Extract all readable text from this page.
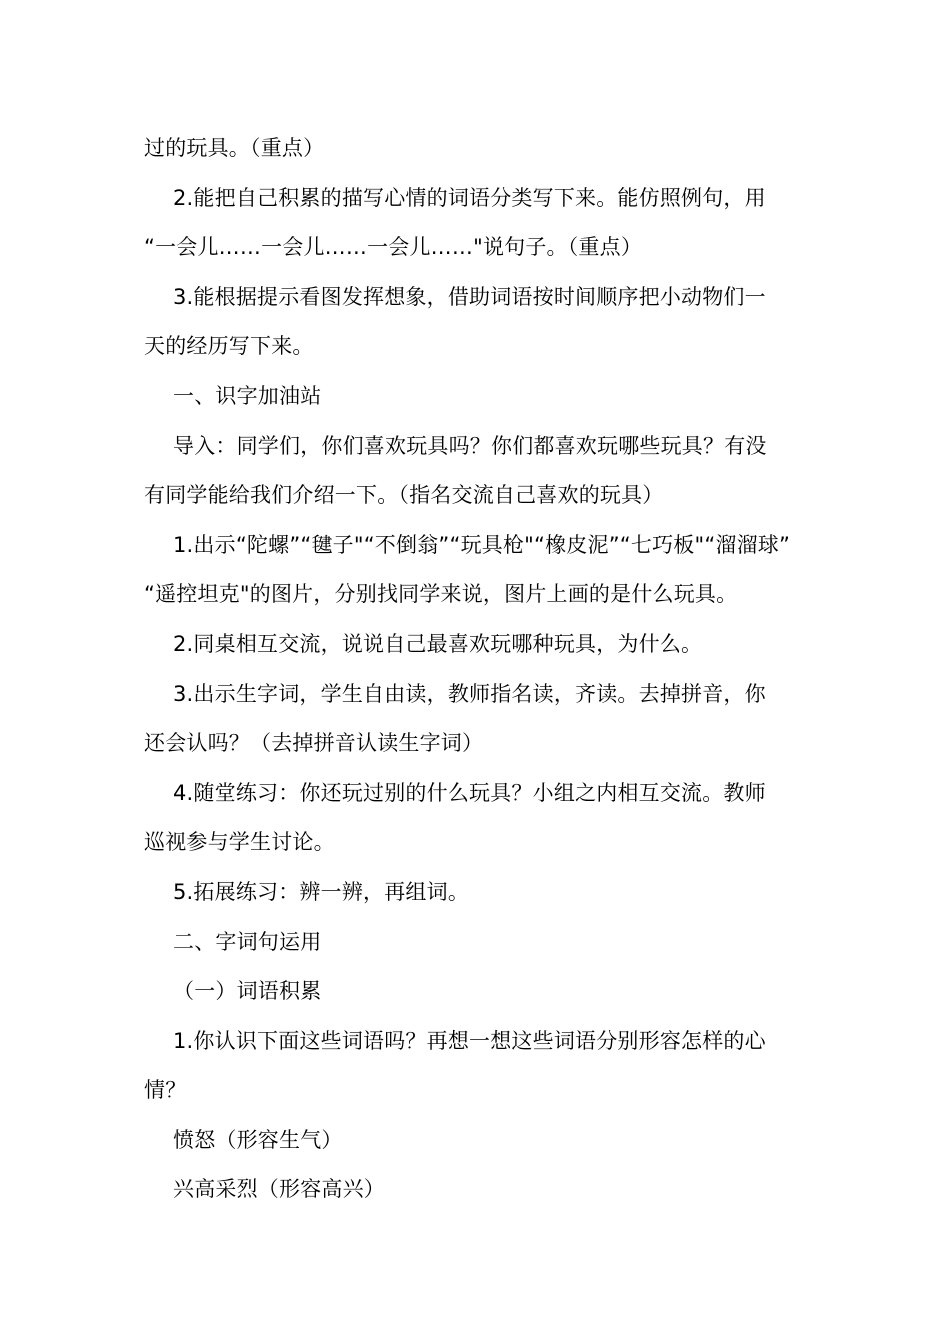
过的玩具。（重点）
2.能把自己积累的描写心情的词语分类写下来。能仿照例句，用
“一会儿……一会儿……一会儿……"说句子。（重点）
3.能根据提示看图发挥想象，借助词语按时间顺序把小动物们一
天的经历写下来。
一、识字加油站
导入：同学们，你们喜欢玩具吗？你们都喜欢玩哪些玩具？有没
有同学能给我们介绍一下。（指名交流自己喜欢的玩具）
1.出示“陀螺”“毽子"“不倒翁”“玩具枪"“橡皮泥”“七巧板"“溜溜球”
“遥控坦克"的图片，分别找同学来说，图片上画的是什么玩具。
2.同桌相互交流，说说自己最喜欢玩哪种玩具，为什么。
3.出示生字词，学生自由读，教师指名读，齐读。去掉拼音，你
还会认吗？（去掉拼音认读生字词）
4.随堂练习：你还玩过别的什么玩具？小组之内相互交流。教师
巡视参与学生讨论。
5.拓展练习：辨一辨，再组词。
二、字词句运用
（一）词语积累
1.你认识下面这些词语吗？再想一想这些词语分别形容怎样的心
情？
愤怒（形容生气）
兴高采烈（形容高兴）
